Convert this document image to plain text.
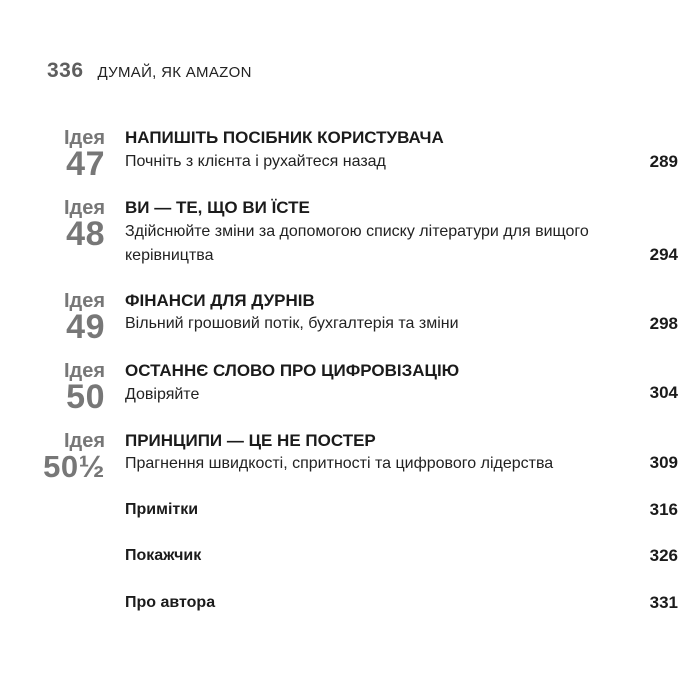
336 ДУМАЙ, ЯК AMAZON
Ідея
47
НАПИШІТЬ ПОСІБНИК КОРИСТУВАЧА
Почніть з клієнта і рухайтеся назад	289
Ідея
48
ВИ — ТЕ, ЩО ВИ ЇСТЕ
Здійснюйте зміни за допомогою списку літератури для вищого керівництва	294
Ідея
49
ФІНАНСИ ДЛЯ ДУРНІВ
Вільний грошовий потік, бухгалтерія та зміни	298
Ідея
50
ОСТАННЄ СЛОВО ПРО ЦИФРОВІЗАЦІЮ
Довіряйте	304
Ідея
50½
ПРИНЦИПИ — ЦЕ НЕ ПОСТЕР
Прагнення швидкості, спритності та цифрового лідерства	309
Примітки	316
Покажчик	326
Про автора	331
